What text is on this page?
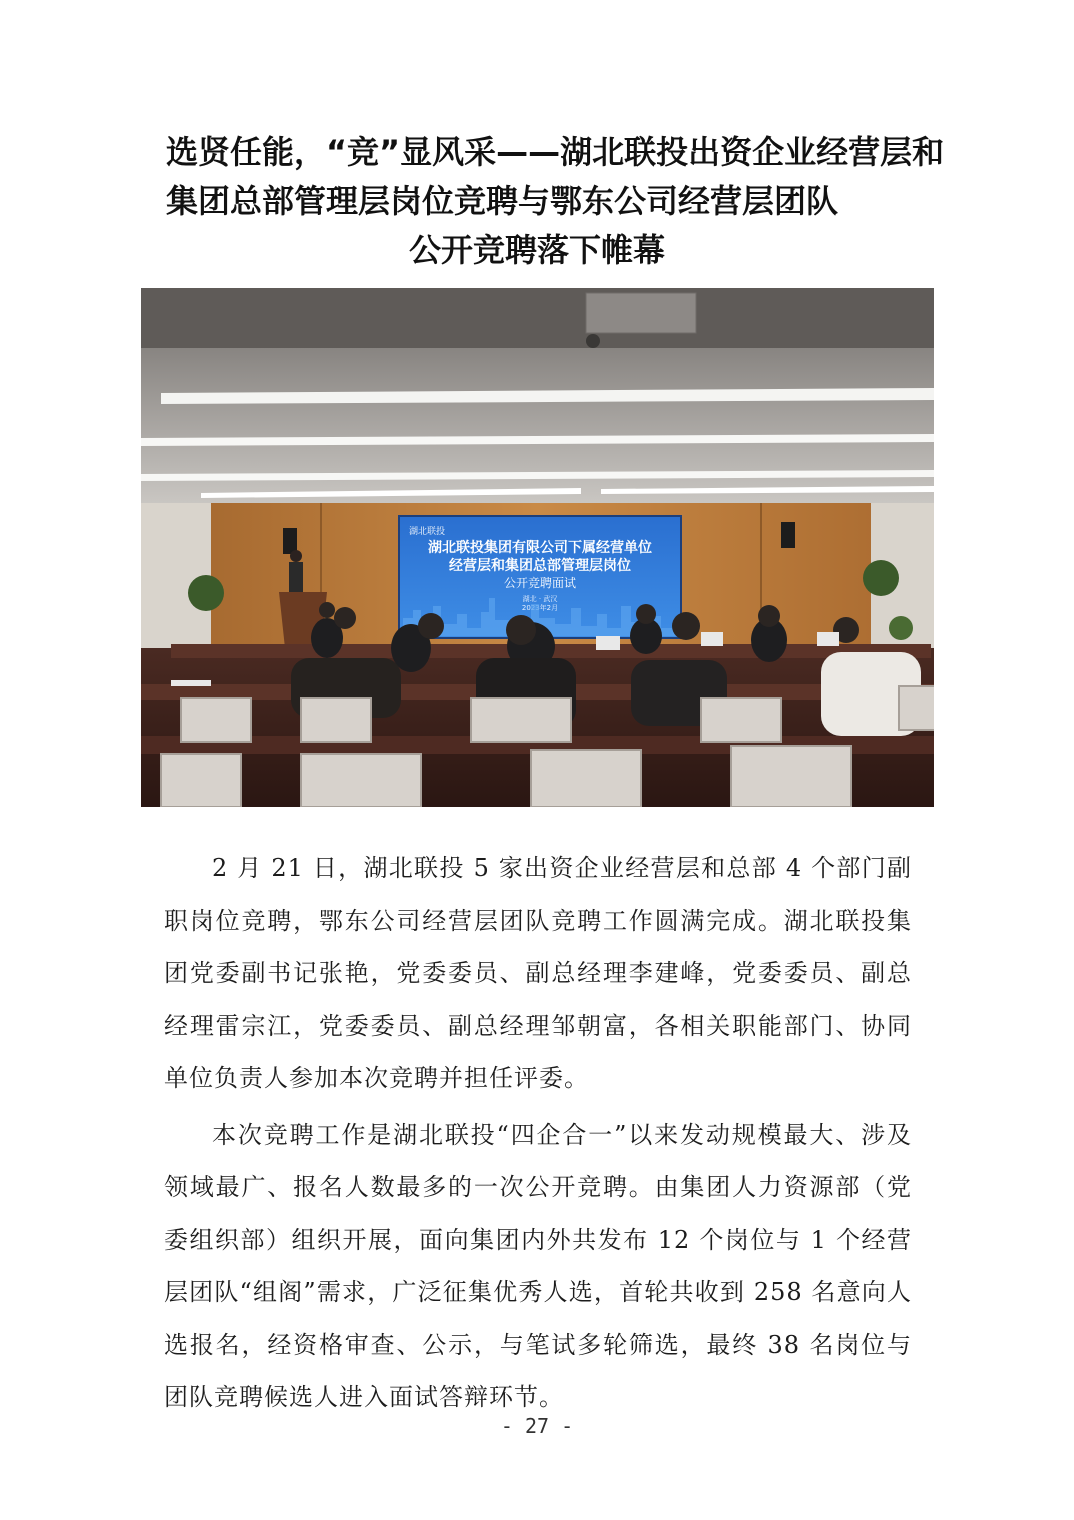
选贤任能，“竞”显风采——湖北联投出资企业经营层和
集团总部管理层岗位竞聘与鄂东公司经营层团队
公开竞聘落下帷幕
湖北联投
湖北联投集团有限公司下属经营单位
经营层和集团总部管理层岗位
公开竞聘面试
湖北 · 武汉
2023年2月

2 月 21 日，湖北联投 5 家出资企业经营层和总部 4 个部门副职岗位竞聘，鄂东公司经营层团队竞聘工作圆满完成。湖北联投集团党委副书记张艳，党委委员、副总经理李建峰，党委委员、副总经理雷宗江，党委委员、副总经理邹朝富，各相关职能部门、协同单位负责人参加本次竞聘并担任评委。

本次竞聘工作是湖北联投“四企合一”以来发动规模最大、涉及领域最广、报名人数最多的一次公开竞聘。由集团人力资源部（党委组织部）组织开展，面向集团内外共发布 12 个岗位与 1 个经营层团队“组阁”需求，广泛征集优秀人选，首轮共收到 258 名意向人选报名，经资格审查、公示，与笔试多轮筛选，最终 38 名岗位与团队竞聘候选人进入面试答辩环节。

- 27 -
